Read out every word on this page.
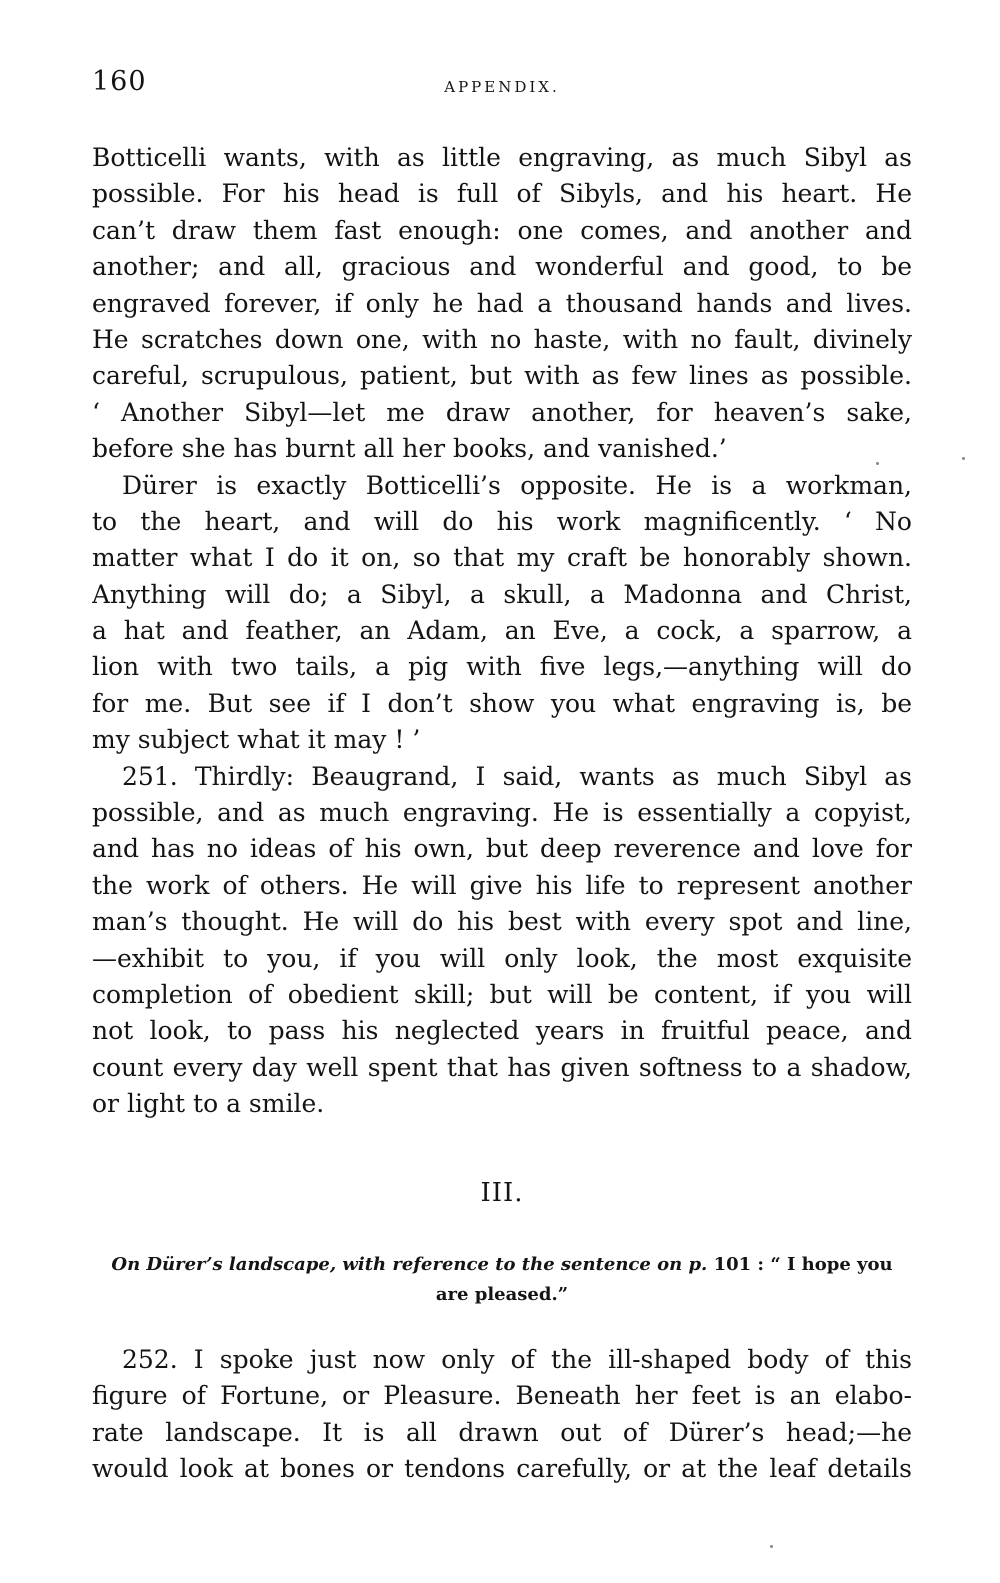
160	APPENDIX.
Botticelli wants, with as little engraving, as much Sibyl as
possible. For his head is full of Sibyls, and his heart. He
can’t draw them fast enough: one comes, and another and
another; and all, gracious and wonderful and good, to be
engraved forever, if only he had a thousand hands and lives.
He scratches down one, with no haste, with no fault, divinely
careful, scrupulous, patient, but with as few lines as possible.
‘ Another Sibyl—let me draw another, for heaven’s sake,
before she has burnt all her books, and vanished.’
Dürer is exactly Botticelli’s opposite. He is a workman,
to the heart, and will do his work magnificently. ‘ No
matter what I do it on, so that my craft be honorably shown.
Anything will do; a Sibyl, a skull, a Madonna and Christ,
a hat and feather, an Adam, an Eve, a cock, a sparrow, a
lion with two tails, a pig with five legs,—anything will do
for me. But see if I don’t show you what engraving is, be
my subject what it may ! ’
251. Thirdly: Beaugrand, I said, wants as much Sibyl as
possible, and as much engraving. He is essentially a copyist,
and has no ideas of his own, but deep reverence and love for
the work of others. He will give his life to represent another
man’s thought. He will do his best with every spot and line,
—exhibit to you, if you will only look, the most exquisite
completion of obedient skill; but will be content, if you will
not look, to pass his neglected years in fruitful peace, and
count every day well spent that has given softness to a shadow,
or light to a smile.
III.
On Dürer’s landscape, with reference to the sentence on p. 101 : “ I hope you are pleased.”
252. I spoke just now only of the ill-shaped body of this
figure of Fortune, or Pleasure. Beneath her feet is an elabo-
rate landscape. It is all drawn out of Dürer’s head;—he
would look at bones or tendons carefully, or at the leaf details
